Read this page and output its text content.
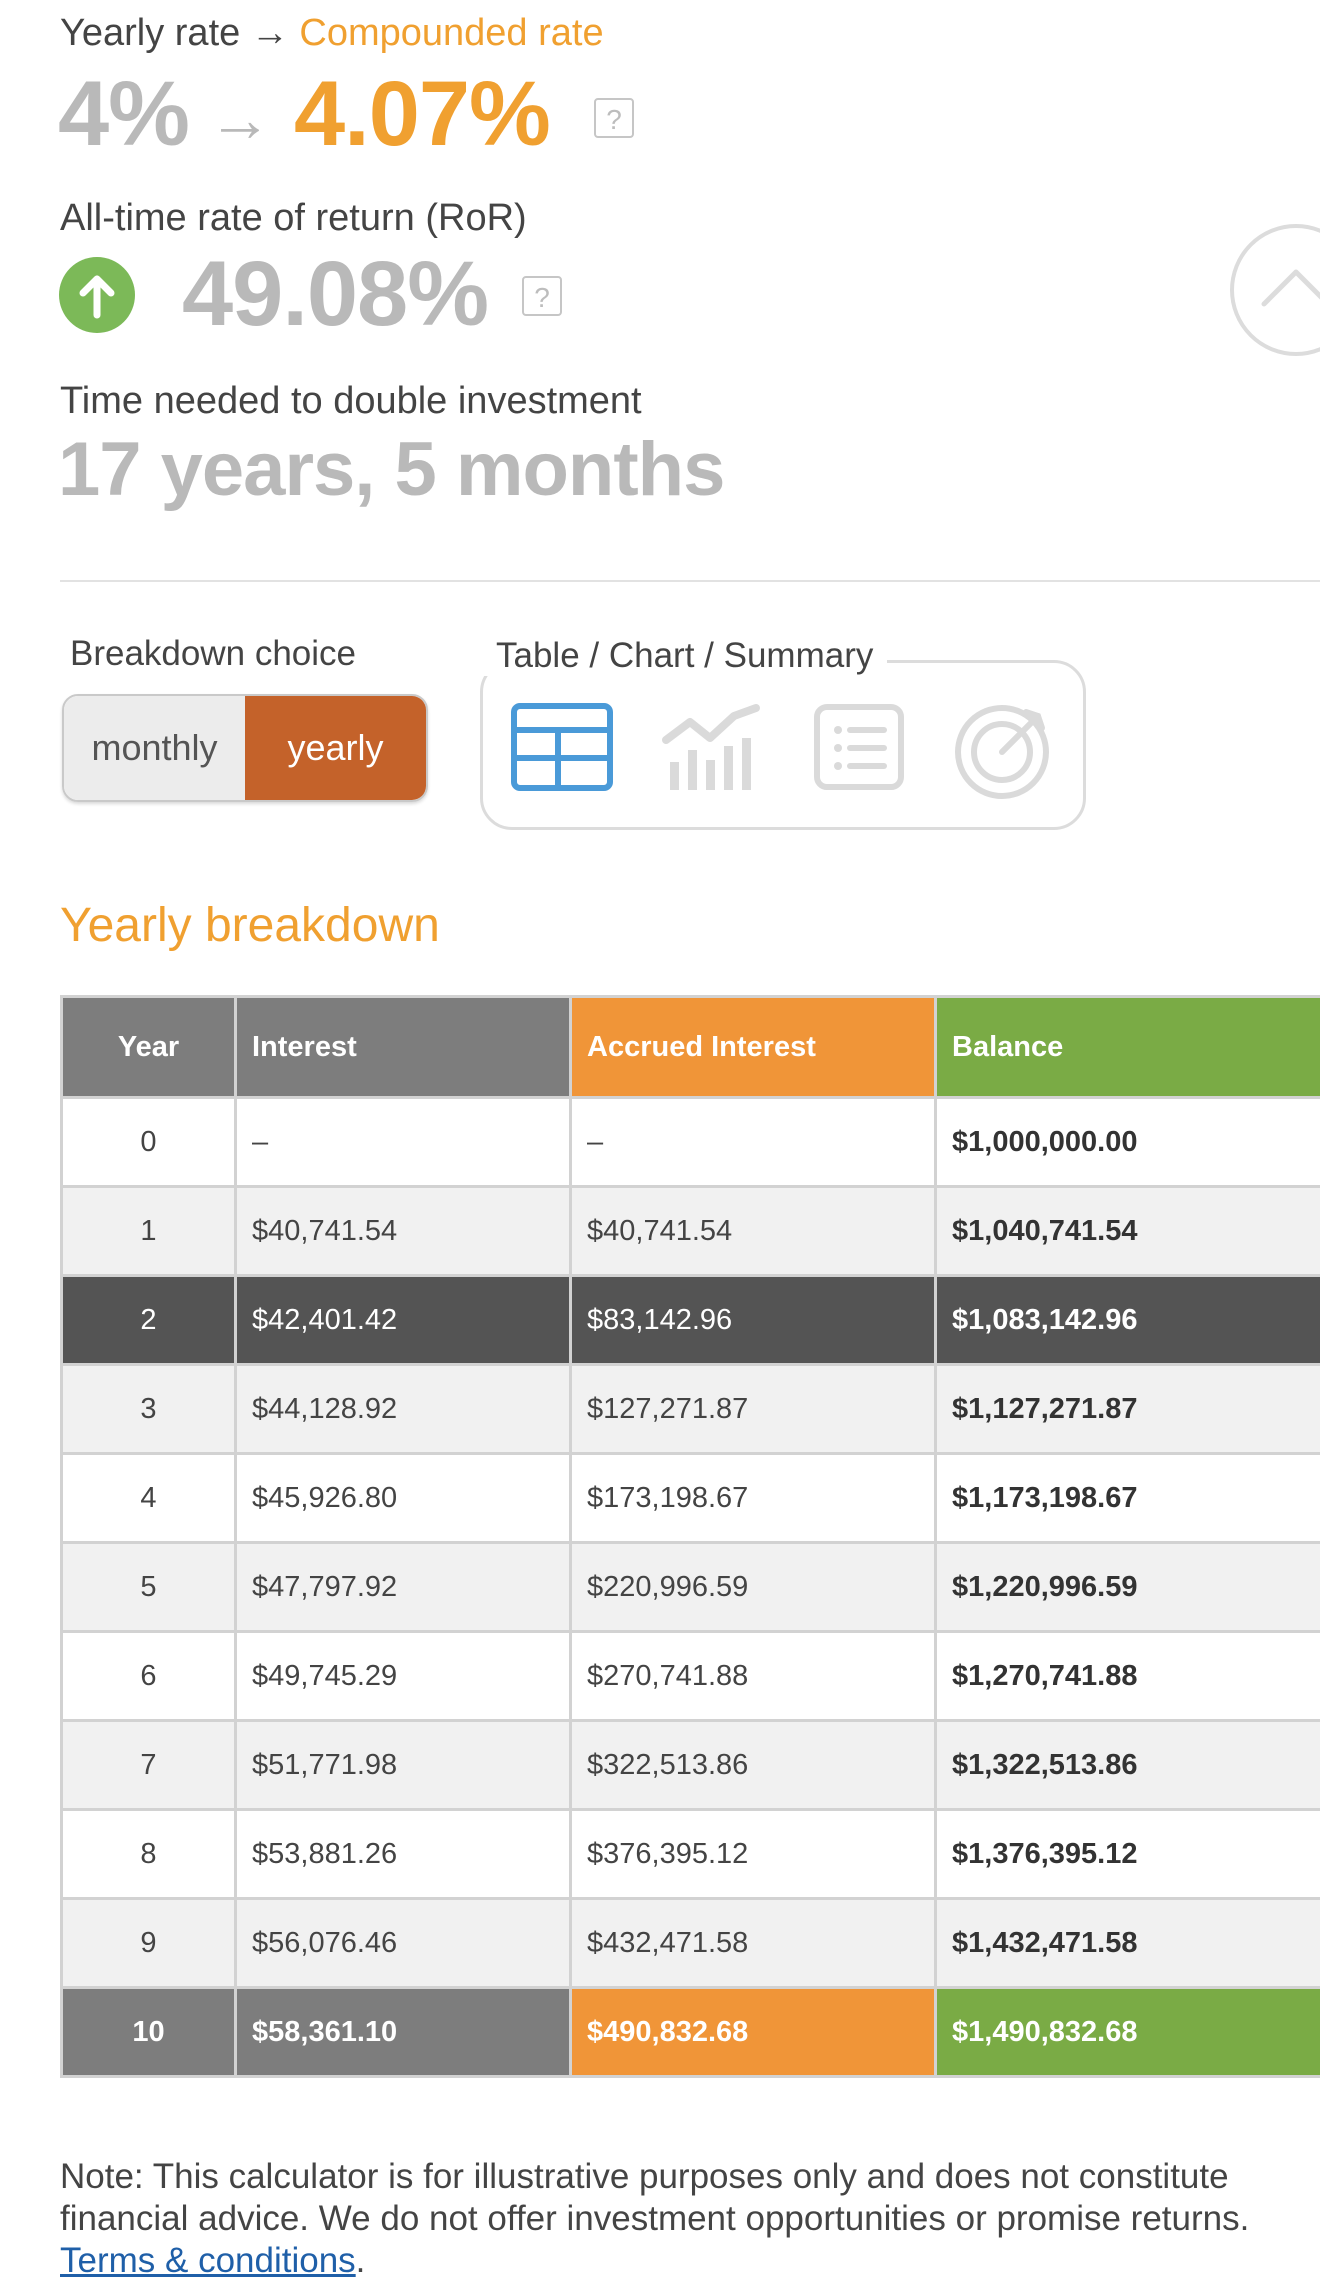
Yearly rate → Compounded rate
4% → 4.07%	?
All-time rate of return (RoR)
49.08%	?
Time needed to double investment
17 years, 5 months
Breakdown choice
monthly	yearly
Table / Chart / Summary
Yearly breakdown
Year	Interest	Accrued Interest	Balance
0	–	–	$1,000,000.00
1	$40,741.54	$40,741.54	$1,040,741.54
2	$42,401.42	$83,142.96	$1,083,142.96
3	$44,128.92	$127,271.87	$1,127,271.87
4	$45,926.80	$173,198.67	$1,173,198.67
5	$47,797.92	$220,996.59	$1,220,996.59
6	$49,745.29	$270,741.88	$1,270,741.88
7	$51,771.98	$322,513.86	$1,322,513.86
8	$53,881.26	$376,395.12	$1,376,395.12
9	$56,076.46	$432,471.58	$1,432,471.58
10	$58,361.10	$490,832.68	$1,490,832.68
Note: This calculator is for illustrative purposes only and does not constitute financial advice. We do not offer investment opportunities or promise returns.
Terms & conditions.
